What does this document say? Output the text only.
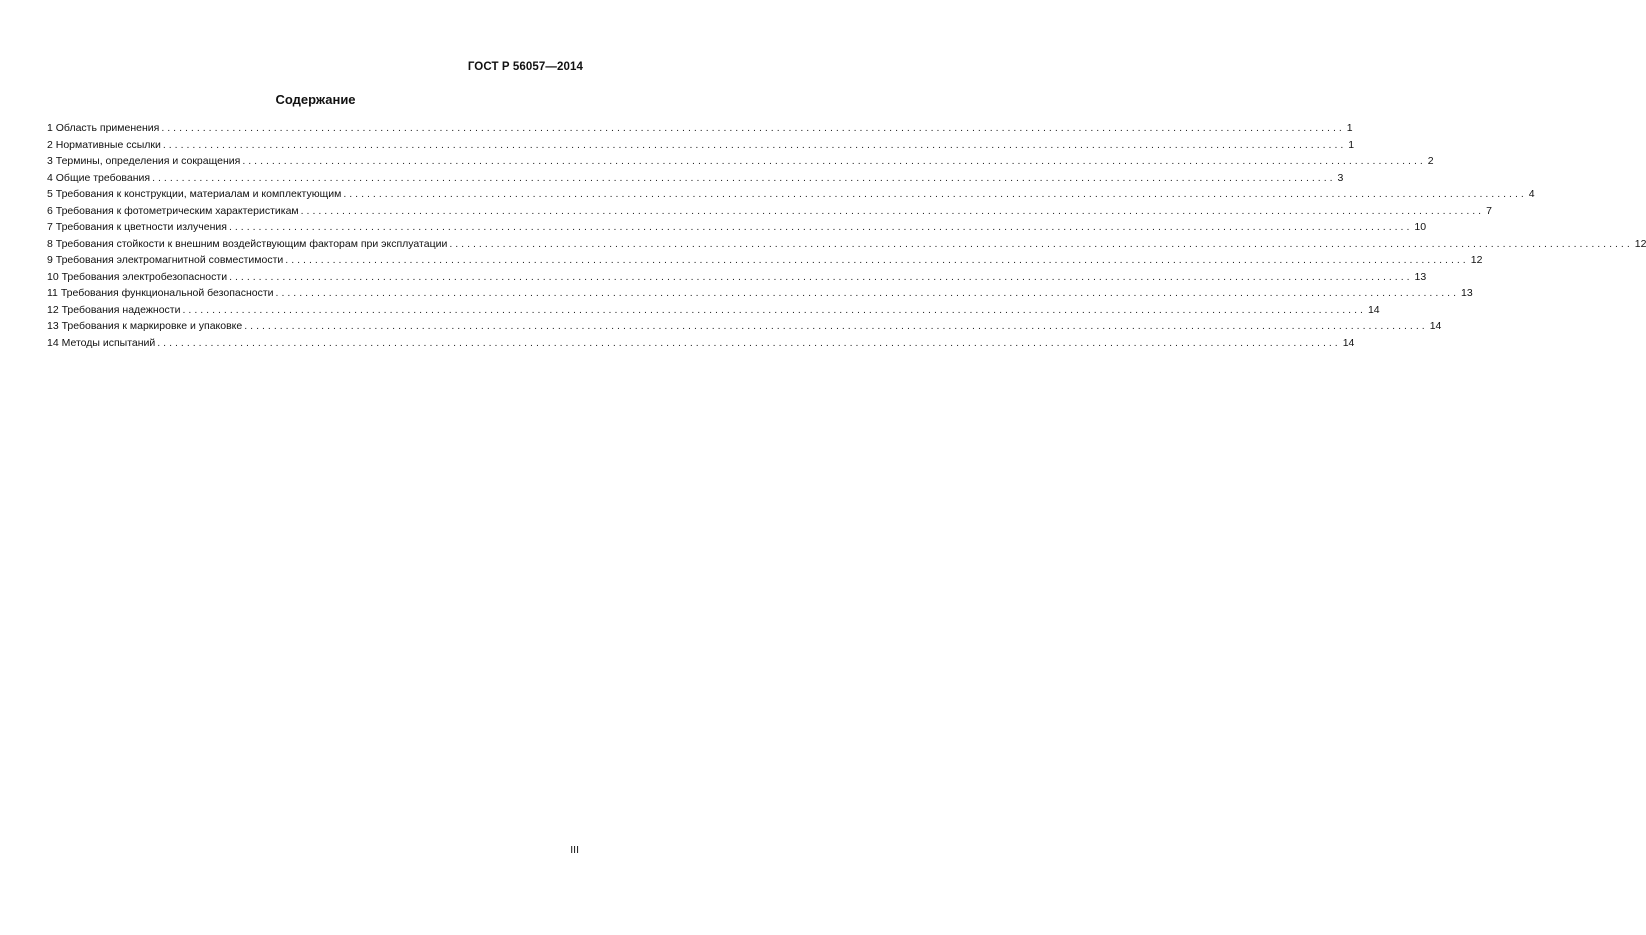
ГОСТ Р 56057—2014
Содержание
1 Область применения ........................................................................................................................................................................................................ 1
2 Нормативные ссылки ........................................................................................................................................................................................................ 1
3 Термины, определения и сокращения ........................................................................................................................................................................................................ 2
4 Общие требования ........................................................................................................................................................................................................ 3
5 Требования к конструкции, материалам и комплектующим ........................................................................................................................................................................................................ 4
6 Требования к фотометрическим характеристикам ........................................................................................................................................................................................................ 7
7 Требования к цветности излучения ........................................................................................................................................................................................................ 10
8 Требования стойкости к внешним воздействующим факторам при эксплуатации ........................................................................................................................................................................................................ 12
9 Требования электромагнитной совместимости ........................................................................................................................................................................................................ 12
10 Требования электробезопасности ........................................................................................................................................................................................................ 13
11 Требования функциональной безопасности ........................................................................................................................................................................................................ 13
12 Требования надежности ........................................................................................................................................................................................................ 14
13 Требования к маркировке и упаковке ........................................................................................................................................................................................................ 14
14 Методы испытаний ........................................................................................................................................................................................................ 14
III
